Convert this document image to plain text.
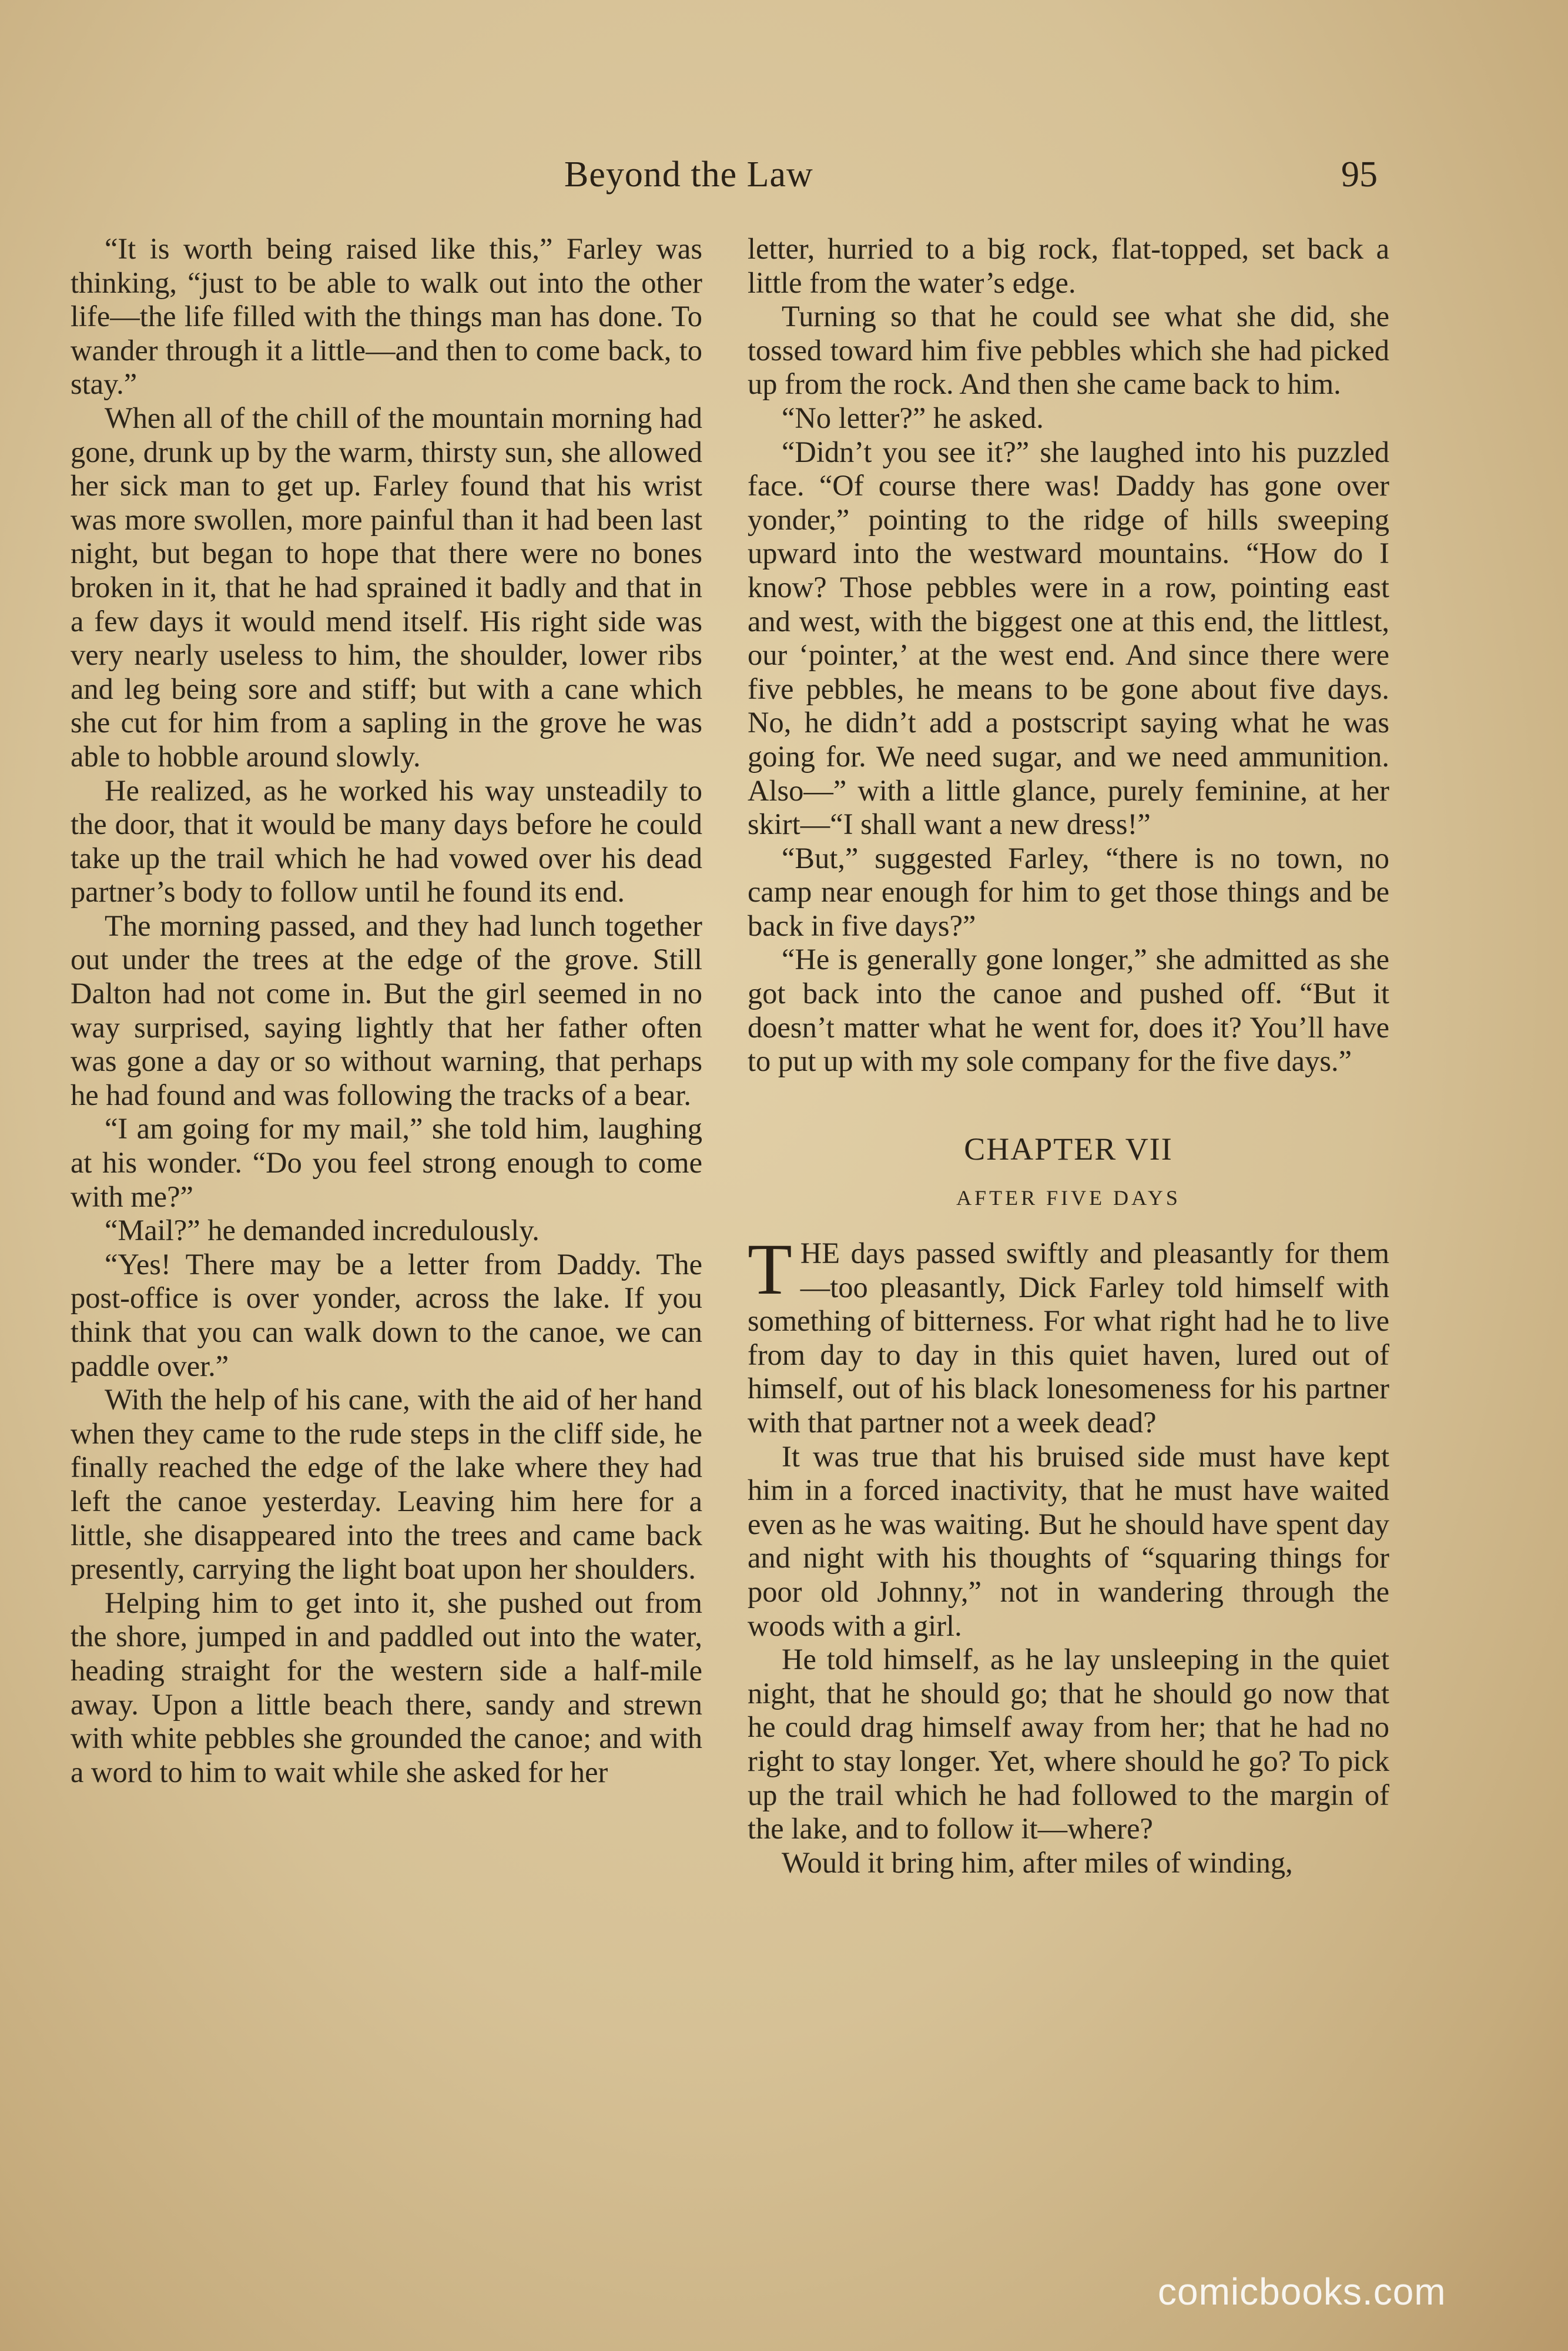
Beyond the Law	95

“It is worth being raised like this,” Farley was thinking, “just to be able to walk out into the other life—the life filled with the things man has done. To wander through it a little—and then to come back, to stay.”

When all of the chill of the mountain morning had gone, drunk up by the warm, thirsty sun, she allowed her sick man to get up. Farley found that his wrist was more swollen, more painful than it had been last night, but began to hope that there were no bones broken in it, that he had sprained it badly and that in a few days it would mend itself. His right side was very nearly useless to him, the shoulder, lower ribs and leg being sore and stiff; but with a cane which she cut for him from a sapling in the grove he was able to hobble around slowly.

He realized, as he worked his way unsteadily to the door, that it would be many days before he could take up the trail which he had vowed over his dead partner’s body to follow until he found its end.

The morning passed, and they had lunch together out under the trees at the edge of the grove. Still Dalton had not come in. But the girl seemed in no way surprised, saying lightly that her father often was gone a day or so without warning, that perhaps he had found and was following the tracks of a bear.

“I am going for my mail,” she told him, laughing at his wonder. “Do you feel strong enough to come with me?”

“Mail?” he demanded incredulously.

“Yes! There may be a letter from Daddy. The post-office is over yonder, across the lake. If you think that you can walk down to the canoe, we can paddle over.”

With the help of his cane, with the aid of her hand when they came to the rude steps in the cliff side, he finally reached the edge of the lake where they had left the canoe yesterday. Leaving him here for a little, she disappeared into the trees and came back presently, carrying the light boat upon her shoulders.

Helping him to get into it, she pushed out from the shore, jumped in and paddled out into the water, heading straight for the western side a half-mile away. Upon a little beach there, sandy and strewn with white pebbles she grounded the canoe; and with a word to him to wait while she asked for her

letter, hurried to a big rock, flat-topped, set back a little from the water’s edge.

Turning so that he could see what she did, she tossed toward him five pebbles which she had picked up from the rock. And then she came back to him.

“No letter?” he asked.

“Didn’t you see it?” she laughed into his puzzled face. “Of course there was! Daddy has gone over yonder,” pointing to the ridge of hills sweeping upward into the westward mountains. “How do I know? Those pebbles were in a row, pointing east and west, with the biggest one at this end, the littlest, our ‘pointer,’ at the west end. And since there were five pebbles, he means to be gone about five days. No, he didn’t add a postscript saying what he was going for. We need sugar, and we need ammunition. Also—” with a little glance, purely feminine, at her skirt—“I shall want a new dress!”

“But,” suggested Farley, “there is no town, no camp near enough for him to get those things and be back in five days?”

“He is generally gone longer,” she admitted as she got back into the canoe and pushed off. “But it doesn’t matter what he went for, does it? You’ll have to put up with my sole company for the five days.”

CHAPTER VII
AFTER FIVE DAYS

THE days passed swiftly and pleasantly for them—too pleasantly, Dick Farley told himself with something of bitterness. For what right had he to live from day to day in this quiet haven, lured out of himself, out of his black lonesomeness for his partner with that partner not a week dead?

It was true that his bruised side must have kept him in a forced inactivity, that he must have waited even as he was waiting. But he should have spent day and night with his thoughts of “squaring things for poor old Johnny,” not in wandering through the woods with a girl.

He told himself, as he lay unsleeping in the quiet night, that he should go; that he should go now that he could drag himself away from her; that he had no right to stay longer. Yet, where should he go? To pick up the trail which he had followed to the margin of the lake, and to follow it—where?

Would it bring him, after miles of winding,

comicbooks.com
